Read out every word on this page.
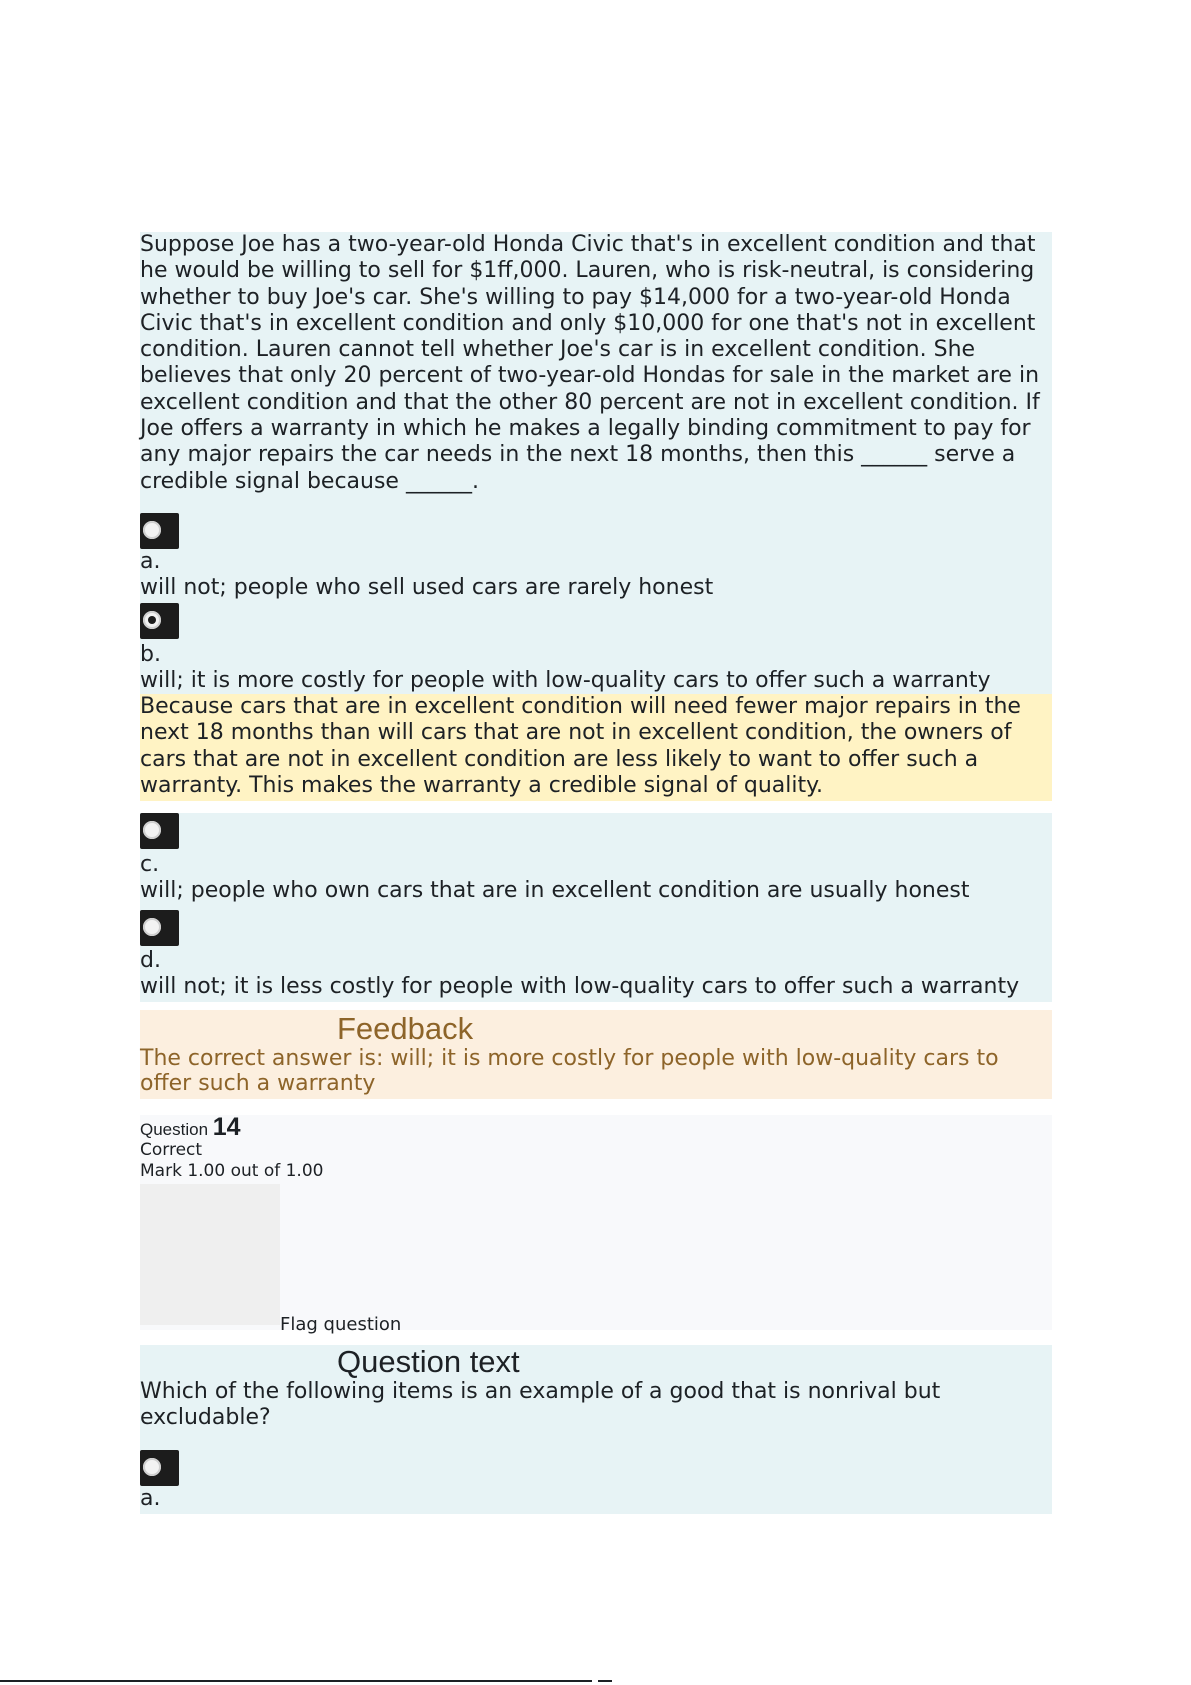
Suppose Joe has a two-year-old Honda Civic that's in excellent condition and that he would be willing to sell for $1ff,000. Lauren, who is risk-neutral, is considering whether to buy Joe's car. She's willing to pay $14,000 for a two-year-old Honda Civic that's in excellent condition and only $10,000 for one that's not in excellent condition. Lauren cannot tell whether Joe's car is in excellent condition. She believes that only 20 percent of two-year-old Hondas for sale in the market are in excellent condition and that the other 80 percent are not in excellent condition. If Joe offers a warranty in which he makes a legally binding commitment to pay for any major repairs the car needs in the next 18 months, then this ______ serve a credible signal because ______.
a.
will not; people who sell used cars are rarely honest
b.
will; it is more costly for people with low-quality cars to offer such a warranty
Because cars that are in excellent condition will need fewer major repairs in the next 18 months than will cars that are not in excellent condition, the owners of cars that are not in excellent condition are less likely to want to offer such a warranty. This makes the warranty a credible signal of quality.
c.
will; people who own cars that are in excellent condition are usually honest
d.
will not; it is less costly for people with low-quality cars to offer such a warranty
Feedback
The correct answer is: will; it is more costly for people with low-quality cars to offer such a warranty
Question 14
Correct
Mark 1.00 out of 1.00
Flag question
Question text
Which of the following items is an example of a good that is nonrival but excludable?
a.
